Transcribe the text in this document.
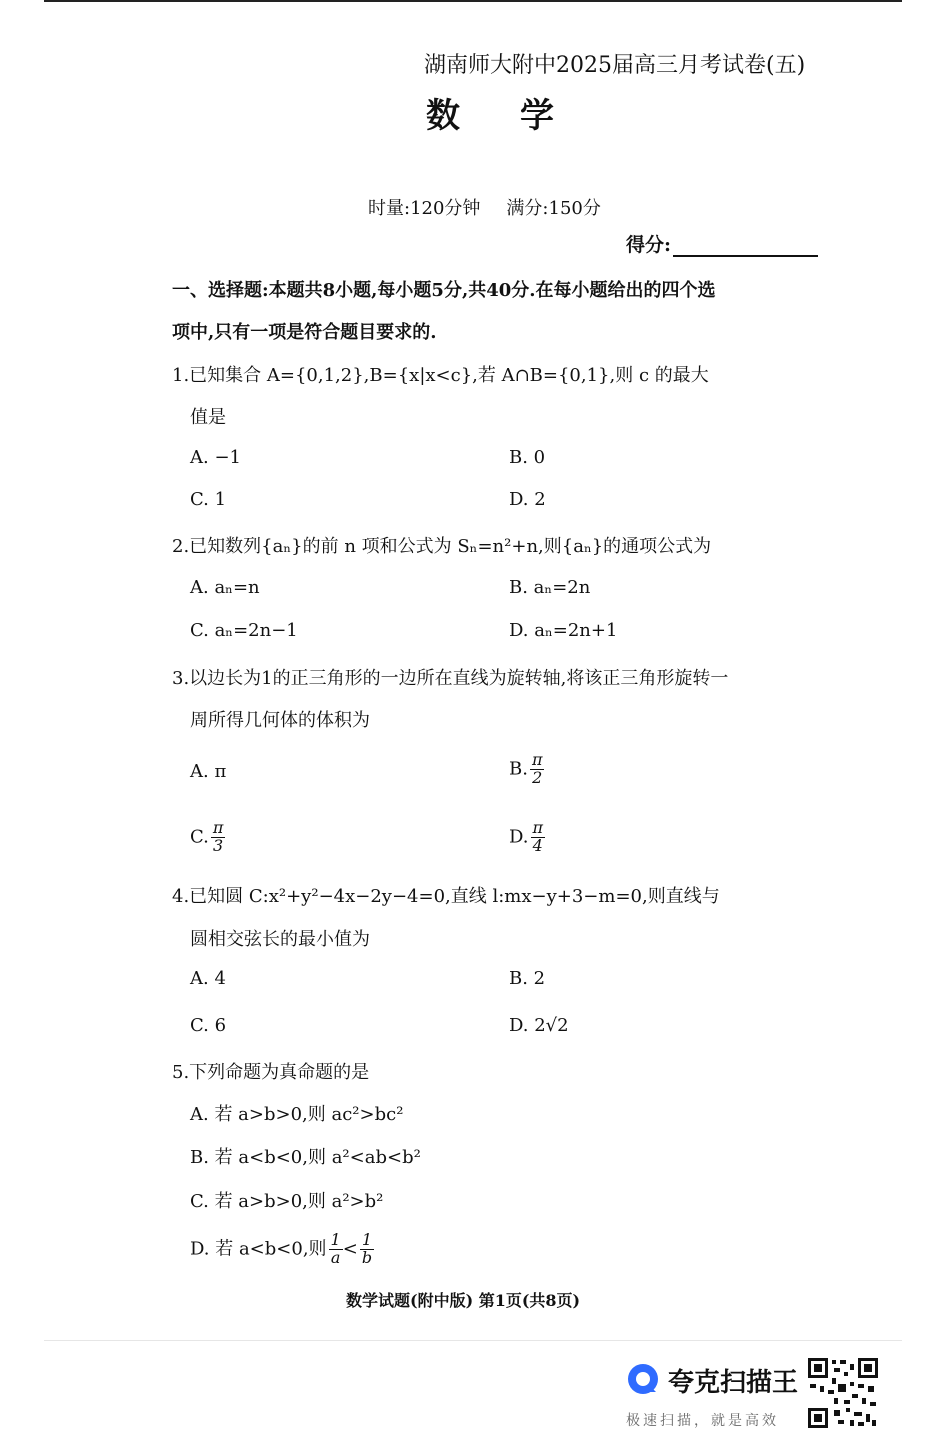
湖南师大附中2025届高三月考试卷(五)
数学
时量:120分钟 满分:150分
得分:
一、选择题:本题共8小题,每小题5分,共40分.在每小题给出的四个选
项中,只有一项是符合题目要求的.
1.已知集合 A={0,1,2},B={x|x<c},若 A∩B={0,1},则 c 的最大
值是
A. −1	B. 0
C. 1	D. 2
2.已知数列{aₙ}的前 n 项和公式为 Sₙ=n²+n,则{aₙ}的通项公式为
A. aₙ=n	B. aₙ=2n
C. aₙ=2n−1	D. aₙ=2n+1
3.以边长为1的正三角形的一边所在直线为旋转轴,将该正三角形旋转一
周所得几何体的体积为
A. π	B. $\frac{\pi}{2}$
C. $\frac{\pi}{3}$	D. $\frac{\pi}{4}$
4.已知圆 C:x²+y²−4x−2y−4=0,直线 l:mx−y+3−m=0,则直线与
圆相交弦长的最小值为
A. 4	B. 2
C. 6	D. 2√2
5.下列命题为真命题的是
A. 若 a>b>0,则 ac²>bc²
B. 若 a<b<0,则 a²<ab<b²
C. 若 a>b>0,则 a²>b²
D. 若 a<b<0,则 $\frac{1}{a} < \frac{1}{b}$
数学试题(附中版) 第1页(共8页)
夸克扫描王
极速扫描，就是高效
